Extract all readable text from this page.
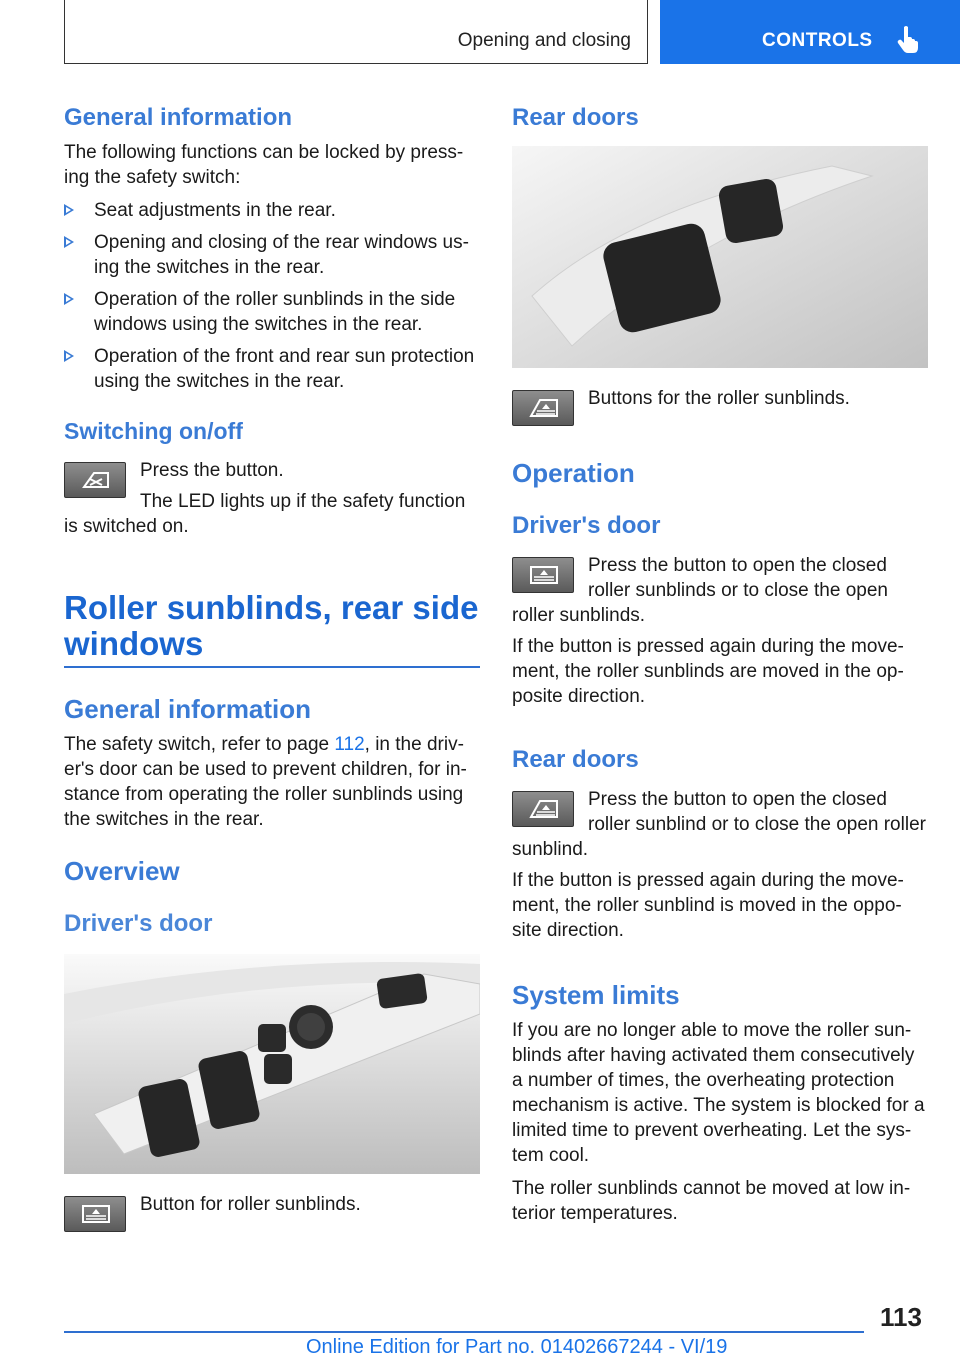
Opening and closing	CONTROLS
General information
The following functions can be locked by press-ing the safety switch:
Seat adjustments in the rear.
Opening and closing of the rear windows us-ing the switches in the rear.
Operation of the roller sunblinds in the side windows using the switches in the rear.
Operation of the front and rear sun protection using the switches in the rear.
Switching on/off
Press the button.
The LED lights up if the safety function
is switched on.
Roller sunblinds, rear side
windows
General information
The safety switch, refer to page 112, in the driv-er's door can be used to prevent children, for in-stance from operating the roller sunblinds using the switches in the rear.
Overview
Driver's door
Button for roller sunblinds.
Rear doors
Buttons for the roller sunblinds.
Operation
Driver's door
Press the button to open the closed roller sunblinds or to close the open
roller sunblinds.
If the button is pressed again during the move-ment, the roller sunblinds are moved in the op-posite direction.
Rear doors
Press the button to open the closed roller sunblind or to close the open roller
sunblind.
If the button is pressed again during the move-ment, the roller sunblind is moved in the oppo-site direction.
System limits
If you are no longer able to move the roller sun-blinds after having activated them consecutively a number of times, the overheating protection mechanism is active. The system is blocked for a limited time to prevent overheating. Let the sys-tem cool.
The roller sunblinds cannot be moved at low in-terior temperatures.
113
Online Edition for Part no. 01402667244 - VI/19
